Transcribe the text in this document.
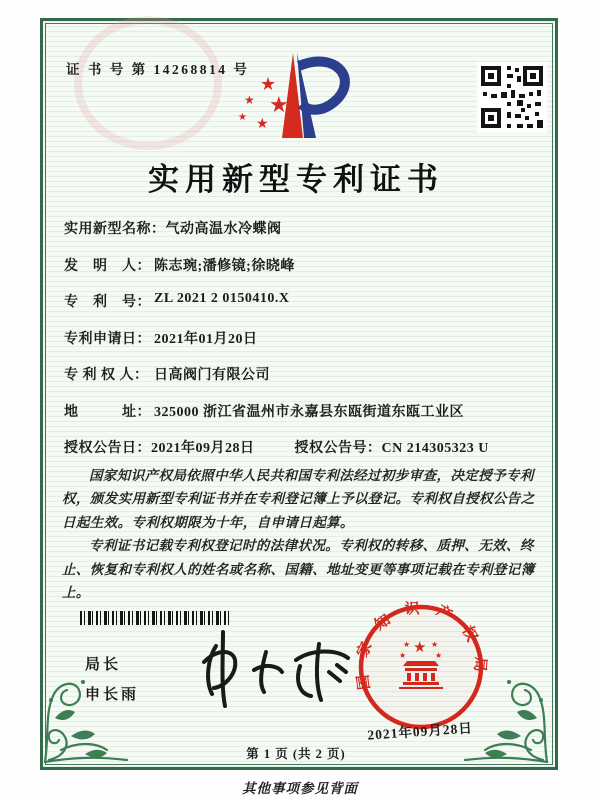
证 书 号 第 14268814 号
★
★ ★
★ ★
实用新型专利证书
实用新型名称： 气动高温水冷蝶阀
发　明　人： 陈志琬;潘修镜;徐晓峰
专　利　号： ZL 2021 2 0150410.X
专利申请日： 2021年01月20日
专 利 权 人： 日高阀门有限公司
地　　　址： 325000 浙江省温州市永嘉县东瓯街道东瓯工业区
授权公告日：2021年09月28日	授权公告号：CN 214305323 U

国家知识产权局依照中华人民共和国专利法经过初步审查，决定授予专利权，颁发实用新型专利证书并在专利登记簿上予以登记。专利权自授权公告之日起生效。专利权期限为十年，自申请日起算。

专利证书记载专利权登记时的法律状况。专利权的转移、质押、无效、终止、恢复和专利权人的姓名或名称、国籍、地址变更等事项记载在专利登记簿上。

局长
申长雨
国家知识产权局
★
★	★
★	★
2021年09月28日
第 1 页 (共 2 页)
其他事项参见背面
